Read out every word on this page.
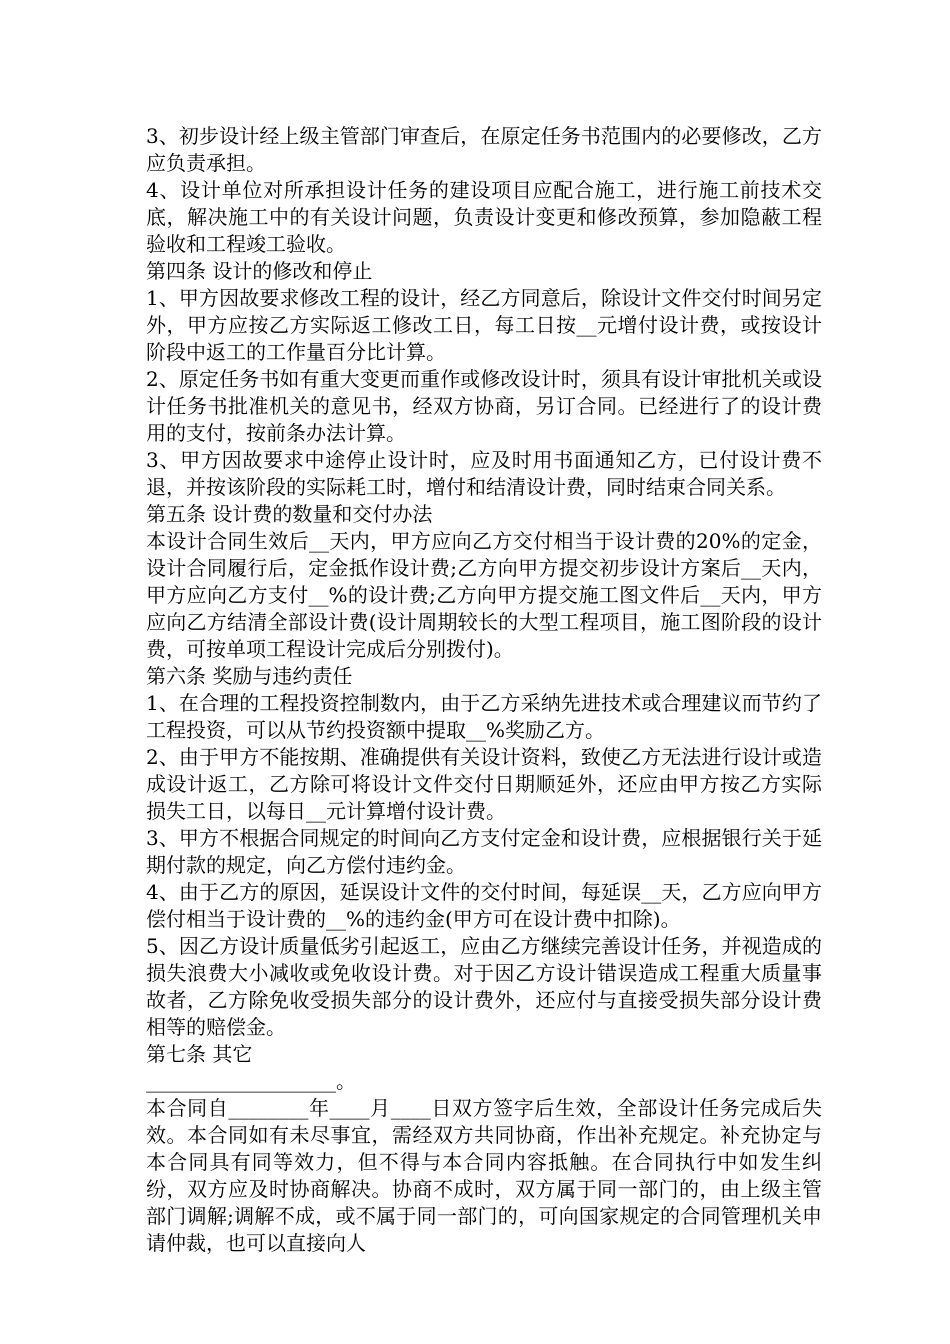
3、初步设计经上级主管部门审查后，在原定任务书范围内的必要修改，乙方应负责承担。

4、设计单位对所承担设计任务的建设项目应配合施工，进行施工前技术交底，解决施工中的有关设计问题，负责设计变更和修改预算，参加隐蔽工程验收和工程竣工验收。

第四条 设计的修改和停止

1、甲方因故要求修改工程的设计，经乙方同意后，除设计文件交付时间另定外，甲方应按乙方实际返工修改工日，每工日按__元增付设计费，或按设计阶段中返工的工作量百分比计算。

2、原定任务书如有重大变更而重作或修改设计时，须具有设计审批机关或设计任务书批准机关的意见书，经双方协商，另订合同。已经进行了的设计费用的支付，按前条办法计算。

3、甲方因故要求中途停止设计时，应及时用书面通知乙方，已付设计费不退，并按该阶段的实际耗工时，增付和结清设计费，同时结束合同关系。

第五条 设计费的数量和交付办法

本设计合同生效后__天内，甲方应向乙方交付相当于设计费的20%的定金，设计合同履行后，定金抵作设计费;乙方向甲方提交初步设计方案后__天内，甲方应向乙方支付__%的设计费;乙方向甲方提交施工图文件后__天内，甲方应向乙方结清全部设计费(设计周期较长的大型工程项目，施工图阶段的设计费，可按单项工程设计完成后分别拨付)。

第六条 奖励与违约责任

1、在合理的工程投资控制数内，由于乙方采纳先进技术或合理建议而节约了工程投资，可以从节约投资额中提取__%奖励乙方。

2、由于甲方不能按期、准确提供有关设计资料，致使乙方无法进行设计或造成设计返工，乙方除可将设计文件交付日期顺延外，还应由甲方按乙方实际损失工日，以每日__元计算增付设计费。

3、甲方不根据合同规定的时间向乙方支付定金和设计费，应根据银行关于延期付款的规定，向乙方偿付违约金。

4、由于乙方的原因，延误设计文件的交付时间，每延误__天，乙方应向甲方偿付相当于设计费的__%的违约金(甲方可在设计费中扣除)。

5、因乙方设计质量低劣引起返工，应由乙方继续完善设计任务，并视造成的损失浪费大小减收或免收设计费。对于因乙方设计错误造成工程重大质量事故者，乙方除免收受损失部分的设计费外，还应付与直接受损失部分设计费相等的赔偿金。

第七条 其它

___________________。

本合同自________年____月____日双方签字后生效，全部设计任务完成后失效。本合同如有未尽事宜，需经双方共同协商，作出补充规定。补充协定与本合同具有同等效力，但不得与本合同内容抵触。在合同执行中如发生纠纷，双方应及时协商解决。协商不成时，双方属于同一部门的，由上级主管部门调解;调解不成，或不属于同一部门的，可向国家规定的合同管理机关申请仲裁，也可以直接向人
